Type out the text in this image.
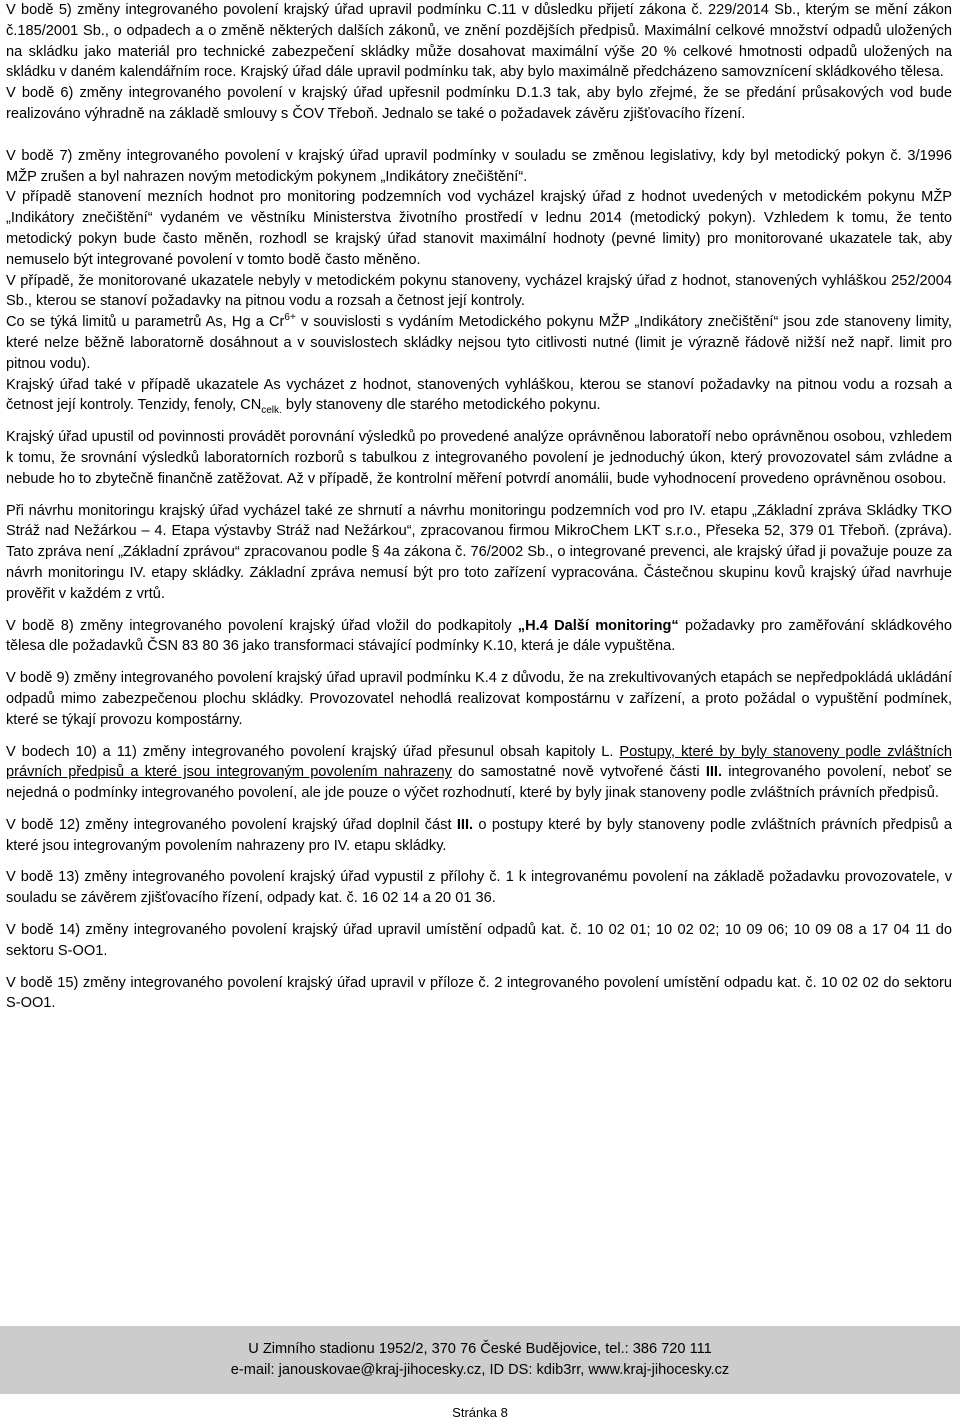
V bodě 5) změny integrovaného povolení krajský úřad upravil podmínku C.11 v důsledku přijetí zákona č. 229/2014 Sb., kterým se mění zákon č.185/2001 Sb., o odpadech a o změně některých dalších zákonů, ve znění pozdějších předpisů. Maximální celkové množství odpadů uložených na skládku jako materiál pro technické zabezpečení skládky může dosahovat maximální výše 20 % celkové hmotnosti odpadů uložených na skládku v daném kalendářním roce. Krajský úřad dále upravil podmínku tak, aby bylo maximálně předcházeno samovznícení skládkového tělesa.

V bodě 6) změny integrovaného povolení v krajský úřad upřesnil podmínku D.1.3 tak, aby bylo zřejmé, že se předání průsakových vod bude realizováno výhradně na základě smlouvy s ČOV Třeboň. Jednalo se také o požadavek závěru zjišťovacího řízení.

V bodě 7) změny integrovaného povolení v krajský úřad upravil podmínky v souladu se změnou legislativy, kdy byl metodický pokyn č. 3/1996 MŽP zrušen a byl nahrazen novým metodickým pokynem „Indikátory znečištění“.

V případě stanovení mezních hodnot pro monitoring podzemních vod vycházel krajský úřad z hodnot uvedených v metodickém pokynu MŽP „Indikátory znečištění“ vydaném ve věstníku Ministerstva životního prostředí v lednu 2014 (metodický pokyn). Vzhledem k tomu, že tento metodický pokyn bude často měněn, rozhodl se krajský úřad stanovit maximální hodnoty (pevné limity) pro monitorované ukazatele tak, aby nemuselo být integrované povolení v tomto bodě často měněno.

V případě, že monitorované ukazatele nebyly v metodickém pokynu stanoveny, vycházel krajský úřad z hodnot, stanovených vyhláškou 252/2004 Sb., kterou se stanoví požadavky na pitnou vodu a rozsah a četnost její kontroly.

Co se týká limitů u parametrů As, Hg a $Cr^{6+}$ v souvislosti s vydáním Metodického pokynu MŽP „Indikátory znečištění“ jsou zde stanoveny limity, které nelze běžně laboratorně dosáhnout a v souvislostech skládky nejsou tyto citlivosti nutné (limit je výrazně řádově nižší než např. limit pro pitnou vodu).

Krajský úřad také v případě ukazatele As vycházet z hodnot, stanovených vyhláškou, kterou se stanoví požadavky na pitnou vodu a rozsah a četnost její kontroly. Tenzidy, fenoly, $CN_{celk.}$ byly stanoveny dle starého metodického pokynu.

Krajský úřad upustil od povinnosti provádět porovnání výsledků po provedené analýze oprávněnou laboratoří nebo oprávněnou osobou, vzhledem k tomu, že srovnání výsledků laboratorních rozborů s tabulkou z integrovaného povolení je jednoduchý úkon, který provozovatel sám zvládne a nebude ho to zbytečně finančně zatěžovat. Až v případě, že kontrolní měření potvrdí anomálii, bude vyhodnocení provedeno oprávněnou osobou.

Při návrhu monitoringu krajský úřad vycházel také ze shrnutí a návrhu monitoringu podzemních vod pro IV. etapu „Základní zpráva Skládky TKO Stráž nad Nežárkou – 4. Etapa výstavby Stráž nad Nežárkou“, zpracovanou firmou MikroChem LKT s.r.o., Přeseka 52, 379 01 Třeboň. (zpráva). Tato zpráva není „Základní zprávou“ zpracovanou podle § 4a zákona č. 76/2002 Sb., o integrované prevenci, ale krajský úřad ji považuje pouze za návrh monitoringu IV. etapy skládky. Základní zpráva nemusí být pro toto zařízení vypracována. Částečnou skupinu kovů krajský úřad navrhuje prověřit v každém z vrtů.

V bodě 8) změny integrovaného povolení krajský úřad vložil do podkapitoly „H.4 Další monitoring“ požadavky pro zaměřování skládkového tělesa dle požadavků ČSN 83 80 36 jako transformaci stávající podmínky K.10, která je dále vypuštěna.

V bodě 9) změny integrovaného povolení krajský úřad upravil podmínku K.4 z důvodu, že na zrekultivovaných etapách se nepředpokládá ukládání odpadů mimo zabezpečenou plochu skládky. Provozovatel nehodlá realizovat kompostárnu v zařízení, a proto požádal o vypuštění podmínek, které se týkají provozu kompostárny.

V bodech 10) a 11) změny integrovaného povolení krajský úřad přesunul obsah kapitoly L. Postupy, které by byly stanoveny podle zvláštních právních předpisů a které jsou integrovaným povolením nahrazeny do samostatné nově vytvořené části III. integrovaného povolení, neboť se nejedná o podmínky integrovaného povolení, ale jde pouze o výčet rozhodnutí, které by byly jinak stanoveny podle zvláštních právních předpisů.

V bodě 12) změny integrovaného povolení krajský úřad doplnil část III. o postupy které by byly stanoveny podle zvláštních právních předpisů a které jsou integrovaným povolením nahrazeny pro IV. etapu skládky.

V bodě 13) změny integrovaného povolení krajský úřad vypustil z přílohy č. 1 k integrovanému povolení na základě požadavku provozovatele, v souladu se závěrem zjišťovacího řízení, odpady kat. č. 16 02 14 a 20 01 36.

V bodě 14) změny integrovaného povolení krajský úřad upravil umístění odpadů kat. č. 10 02 01; 10 02 02; 10 09 06; 10 09 08 a 17 04 11 do sektoru S-OO1.

V bodě 15) změny integrovaného povolení krajský úřad upravil v příloze č. 2 integrovaného povolení umístění odpadu kat. č. 10 02 02 do sektoru S-OO1.

U Zimního stadionu 1952/2, 370 76 České Budějovice, tel.: 386 720 111
e-mail: janouskovae@kraj-jihocesky.cz, ID DS: kdib3rr, www.kraj-jihocesky.cz
Stránka 8
